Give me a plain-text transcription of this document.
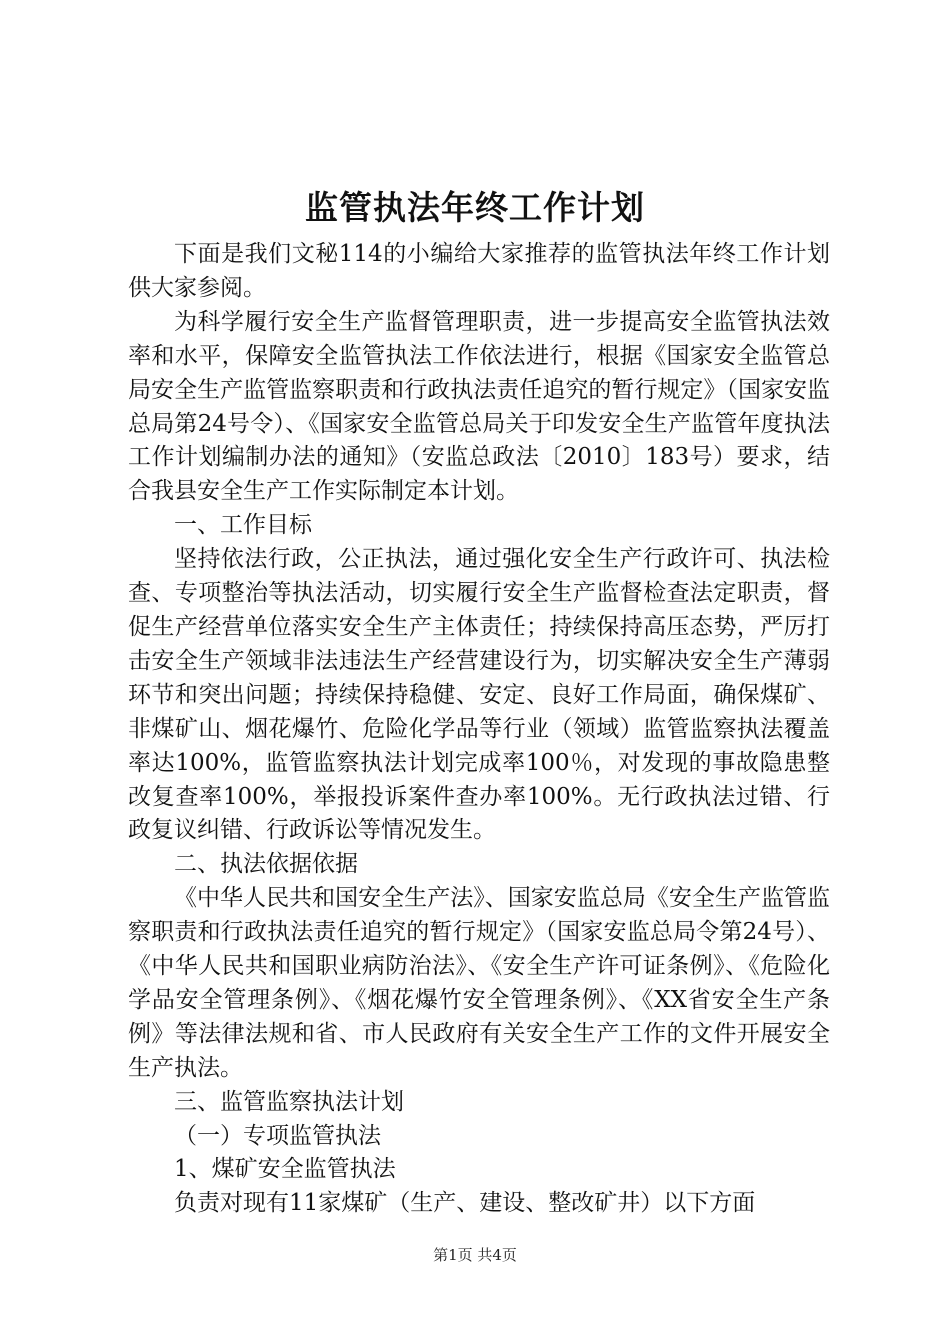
监管执法年终工作计划

下面是我们文秘114的小编给大家推荐的监管执法年终工作计划供大家参阅。

为科学履行安全生产监督管理职责，进一步提高安全监管执法效率和水平，保障安全监管执法工作依法进行，根据《国家安全监管总局安全生产监管监察职责和行政执法责任追究的暂行规定》（国家安监总局第24号令）、《国家安全监管总局关于印发安全生产监管年度执法工作计划编制办法的通知》（安监总政法〔2010〕183号）要求，结合我县安全生产工作实际制定本计划。

一、工作目标

坚持依法行政，公正执法，通过强化安全生产行政许可、执法检查、专项整治等执法活动，切实履行安全生产监督检查法定职责，督促生产经营单位落实安全生产主体责任；持续保持高压态势，严厉打击安全生产领域非法违法生产经营建设行为，切实解决安全生产薄弱环节和突出问题；持续保持稳健、安定、良好工作局面，确保煤矿、非煤矿山、烟花爆竹、危险化学品等行业（领域）监管监察执法覆盖率达100%，监管监察执法计划完成率100％，对发现的事故隐患整改复查率100%，举报投诉案件查办率100%。无行政执法过错、行政复议纠错、行政诉讼等情况发生。

二、执法依据依据

《中华人民共和国安全生产法》、国家安监总局《安全生产监管监察职责和行政执法责任追究的暂行规定》（国家安监总局令第24号）、《中华人民共和国职业病防治法》、《安全生产许可证条例》、《危险化学品安全管理条例》、《烟花爆竹安全管理条例》、《XX省安全生产条例》等法律法规和省、市人民政府有关安全生产工作的文件开展安全生产执法。

三、监管监察执法计划

（一）专项监管执法

1、煤矿安全监管执法

负责对现有11家煤矿（生产、建设、整改矿井）以下方面

第1页 共4页
